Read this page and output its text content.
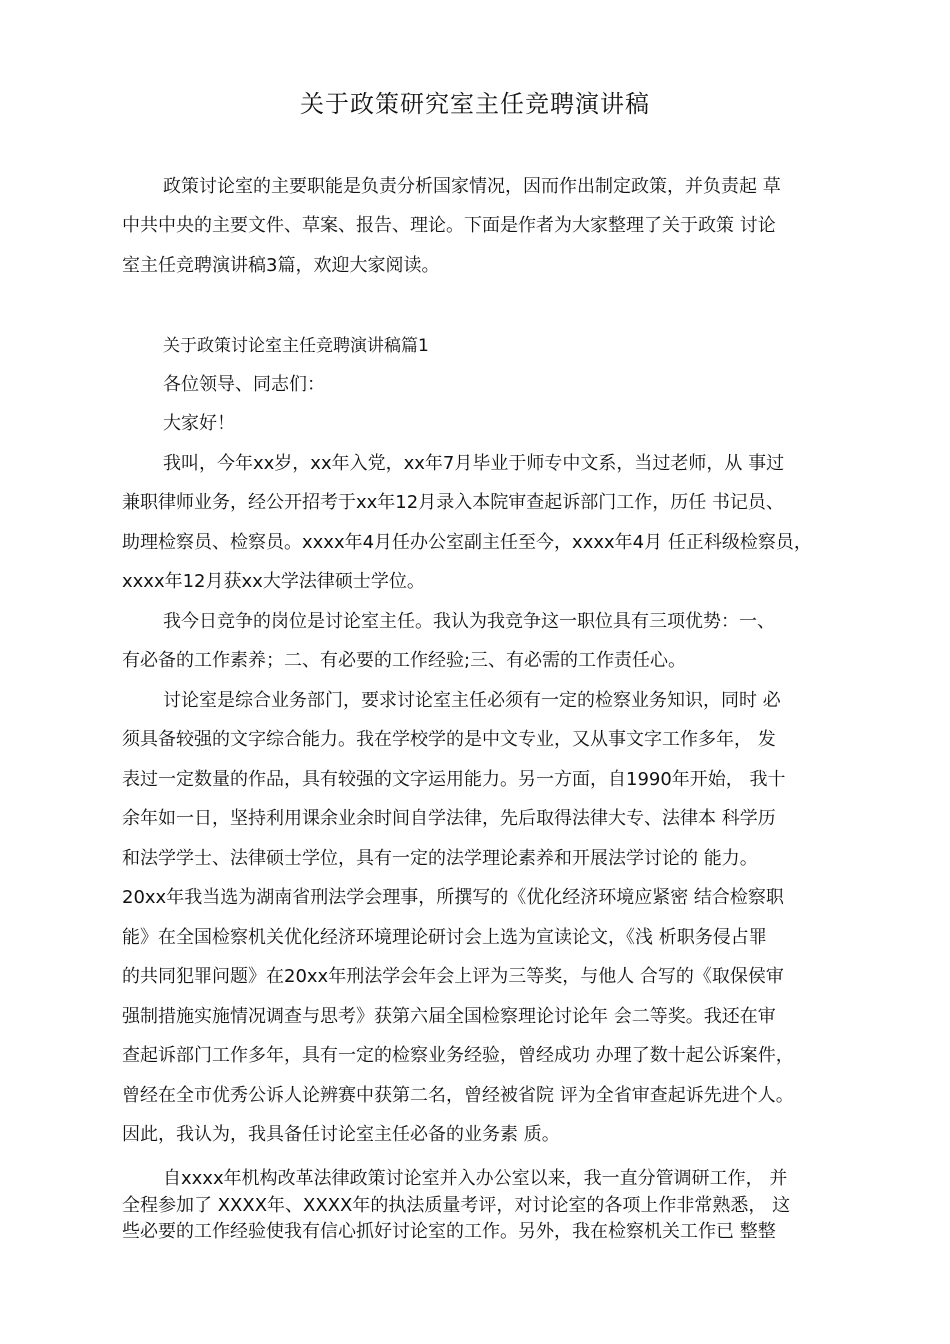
关于政策研究室主任竞聘演讲稿

政策讨论室的主要职能是负责分析国家情况，因而作出制定政策，并负责起 草

中共中央的主要文件、草案、报告、理论。下面是作者为大家整理了关于政策 讨论

室主任竞聘演讲稿3篇，欢迎大家阅读。

关于政策讨论室主任竞聘演讲稿篇1

各位领导、同志们：

大家好！

我叫，今年xx岁，xx年入党，xx年7月毕业于师专中文系，当过老师，从 事过

兼职律师业务，经公开招考于xx年12月录入本院审查起诉部门工作，历任 书记员、

助理检察员、检察员。xxxx年4月任办公室副主任至今，xxxx年4月 任正科级检察员，

xxxx年12月获xx大学法律硕士学位。

我今日竞争的岗位是讨论室主任。我认为我竞争这一职位具有三项优势：一、

有必备的工作素养；二、有必要的工作经验;三、有必需的工作责任心。

讨论室是综合业务部门，要求讨论室主任必须有一定的检察业务知识，同时 必

须具备较强的文字综合能力。我在学校学的是中文专业，又从事文字工作多年， 发

表过一定数量的作品，具有较强的文字运用能力。另一方面，自1990年开始， 我十

余年如一日，坚持利用课余业余时间自学法律，先后取得法律大专、法律本 科学历

和法学学士、法律硕士学位，具有一定的法学理论素养和开展法学讨论的 能力。

20xx年我当选为湖南省刑法学会理事，所撰写的《优化经济环境应紧密 结合检察职

能》在全国检察机关优化经济环境理论研讨会上选为宣读论文，《浅 析职务侵占罪

的共同犯罪问题》在20xx年刑法学会年会上评为三等奖，与他人 合写的《取保侯审

强制措施实施情况调查与思考》获第六届全国检察理论讨论年 会二等奖。我还在审

查起诉部门工作多年，具有一定的检察业务经验，曾经成功 办理了数十起公诉案件，

曾经在全市优秀公诉人论辨赛中获第二名，曾经被省院 评为全省审查起诉先进个人。

因此，我认为，我具备任讨论室主任必备的业务素 质。

自xxxx年机构改革法律政策讨论室并入办公室以来，我一直分管调研工作， 并

全程参加了 XXXX年、XXXX年的执法质量考评，对讨论室的各项上作非常熟悉， 这

些必要的工作经验使我有信心抓好讨论室的工作。另外，我在检察机关工作已 整整
